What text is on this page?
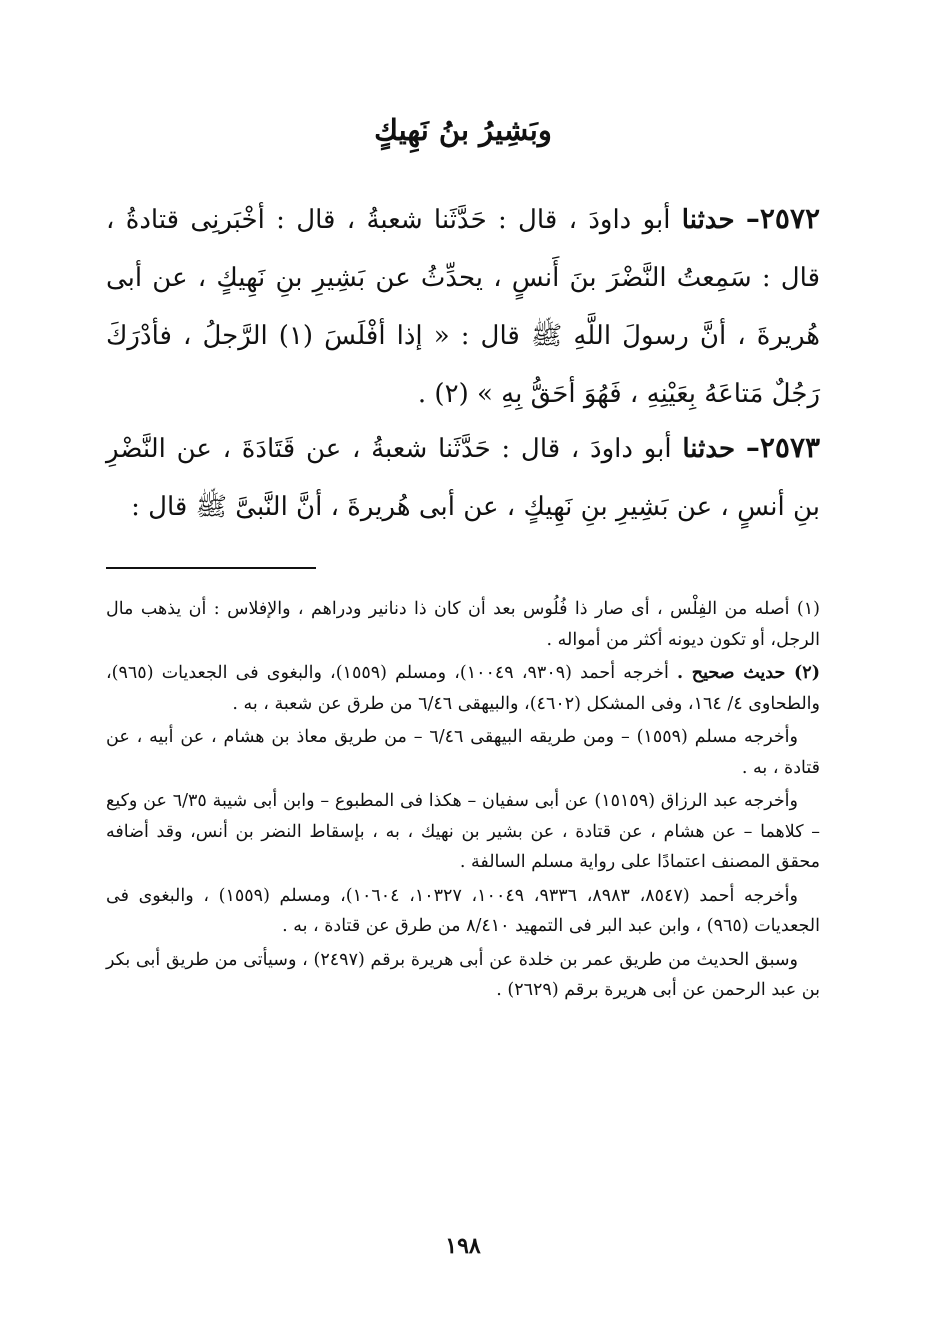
وبَشِيرُ بنُ نَهِيكٍ

٢٥٧٢– حدثنا أبو داودَ ، قال : حَدَّثَنا شعبةُ ، قال : أخْبَرنِى قتادةُ ، قال : سَمِعتُ النَّضْرَ بنَ أَنسٍ ، يحدِّثُ عن بَشِيرِ بنِ نَهِيكٍ ، عن أبى هُريرةَ ، أنَّ رسولَ اللَّهِ ﷺ قال : « إذا أفْلَسَ (١) الرَّجلُ ، فأدْرَكَ رَجُلٌ مَتاعَهُ بِعَيْنِهِ ، فَهُوَ أحَقُّ بِهِ » (٢) .

٢٥٧٣– حدثنا أبو داودَ ، قال : حَدَّثَنا شعبةُ ، عن قَتَادَةَ ، عن النَّضْرِ بنِ أنسٍ ، عن بَشِيرِ بنِ نَهِيكٍ ، عن أبى هُريرةَ ، أنَّ النَّبىَّ ﷺ قال :

(١) أصله من الفِلْس ، أى صار ذا فُلُوس بعد أن كان ذا دنانير ودراهم ، والإفلاس : أن يذهب مال الرجل، أو تكون ديونه أكثر من أمواله .

(٢) حديث صحيح . أخرجه أحمد (٩٣٠٩، ١٠٠٤٩)، ومسلم (١٥٥٩)، والبغوى فى الجعديات (٩٦٥)، والطحاوى ٤/ ١٦٤، وفى المشكل (٤٦٠٢)، والبيهقى ٦/٤٦ من طرق عن شعبة ، به .

وأخرجه مسلم (١٥٥٩) – ومن طريقه البيهقى ٦/٤٦ – من طريق معاذ بن هشام ، عن أبيه ، عن قتادة ، به .

وأخرجه عبد الرزاق (١٥١٥٩) عن أبى سفيان – هكذا فى المطبوع – وابن أبى شيبة ٦/٣٥ عن وكيع – كلاهما – عن هشام ، عن قتادة ، عن بشير بن نهيك ، به ، بإسقاط النضر بن أنس، وقد أضافه محقق المصنف اعتمادًا على رواية مسلم السالفة .

وأخرجه أحمد (٨٥٤٧، ٨٩٨٣، ٩٣٣٦، ١٠٠٤٩، ١٠٣٢٧، ١٠٦٠٤)، ومسلم (١٥٥٩) ، والبغوى فى الجعديات (٩٦٥) ، وابن عبد البر فى التمهيد ٨/٤١٠ من طرق عن قتادة ، به .

وسبق الحديث من طريق عمر بن خلدة عن أبى هريرة برقم (٢٤٩٧) ، وسيأتى من طريق أبى بكر بن عبد الرحمن عن أبى هريرة برقم (٢٦٢٩) .

١٩٨
